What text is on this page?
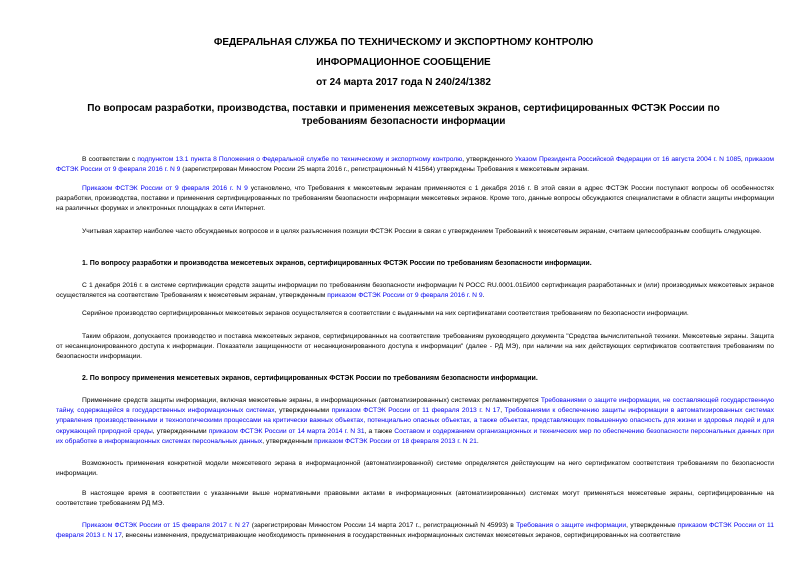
ФЕДЕРАЛЬНАЯ СЛУЖБА ПО ТЕХНИЧЕСКОМУ И ЭКСПОРТНОМУ КОНТРОЛЮ

ИНФОРМАЦИОННОЕ СООБЩЕНИЕ

от 24 марта 2017 года N 240/24/1382

По вопросам разработки, производства, поставки и применения межсетевых экранов, сертифицированных ФСТЭК России по требованиям безопасности информации

В соответствии с подпунктом 13.1 пункта 8 Положения о Федеральной службе по техническому и экспортному контролю, утвержденного Указом Президента Российской Федерации от 16 августа 2004 г. N 1085, приказом ФСТЭК России от 9 февраля 2016 г. N 9 (зарегистрирован Минюстом России 25 марта 2016 г., регистрационный N 41564) утверждены Требования к межсетевым экранам.

Приказом ФСТЭК России от 9 февраля 2016 г. N 9 установлено, что Требования к межсетевым экранам применяются с 1 декабря 2016 г. В этой связи в адрес ФСТЭК России поступают вопросы об особенностях разработки, производства, поставки и применения сертифицированных по требованиям безопасности информации межсетевых экранов. Кроме того, данные вопросы обсуждаются специалистами в области защиты информации на различных форумах и электронных площадках в сети Интернет.

Учитывая характер наиболее часто обсуждаемых вопросов и в целях разъяснения позиции ФСТЭК России в связи с утверждением Требований к межсетевым экранам, считаем целесообразным сообщить следующее.

1. По вопросу разработки и производства межсетевых экранов, сертифицированных ФСТЭК России по требованиям безопасности информации.

С 1 декабря 2016 г. в системе сертификации средств защиты информации по требованиям безопасности информации N РОСС RU.0001.01БИ00 сертификация разработанных и (или) производимых межсетевых экранов осуществляется на соответствие Требованиям к межсетевым экранам, утвержденным приказом ФСТЭК России от 9 февраля 2016 г. N 9.

Серийное производство сертифицированных межсетевых экранов осуществляется в соответствии с выданными на них сертификатами соответствия требованиям по безопасности информации.

Таким образом, допускается производство и поставка межсетевых экранов, сертифицированных на соответствие требованиям руководящего документа "Средства вычислительной техники. Межсетевые экраны. Защита от несанкционированного доступа к информации. Показатели защищенности от несанкционированного доступа к информации" (далее - РД МЭ), при наличии на них действующих сертификатов соответствия требованиям по безопасности информации.

2. По вопросу применения межсетевых экранов, сертифицированных ФСТЭК России по требованиям безопасности информации.

Применение средств защиты информации, включая межсетевые экраны, в информационных (автоматизированных) системах регламентируется Требованиями о защите информации, не составляющей государственную тайну, содержащейся в государственных информационных системах, утвержденными приказом ФСТЭК России от 11 февраля 2013 г. N 17, Требованиями к обеспечению защиты информации в автоматизированных системах управления производственными и технологическими процессами на критически важных объектах, потенциально опасных объектах, а также объектах, представляющих повышенную опасность для жизни и здоровья людей и для окружающей природной среды, утвержденными приказом ФСТЭК России от 14 марта 2014 г. N 31, а также Составом и содержанием организационных и технических мер по обеспечению безопасности персональных данных при их обработке в информационных системах персональных данных, утвержденным приказом ФСТЭК России от 18 февраля 2013 г. N 21.

Возможность применения конкретной модели межсетевого экрана в информационной (автоматизированной) системе определяется действующим на него сертификатом соответствия требованиям по безопасности информации.

В настоящее время в соответствии с указанными выше нормативными правовыми актами в информационных (автоматизированных) системах могут применяться межсетевые экраны, сертифицированные на соответствие требованиям РД МЭ.

Приказом ФСТЭК России от 15 февраля 2017 г. N 27 (зарегистрирован Минюстом России 14 марта 2017 г., регистрационный N 45993) в Требования о защите информации, утвержденные приказом ФСТЭК России от 11 февраля 2013 г. N 17, внесены изменения, предусматривающие необходимость применения в государственных информационных системах межсетевых экранов, сертифицированных на соответствие
